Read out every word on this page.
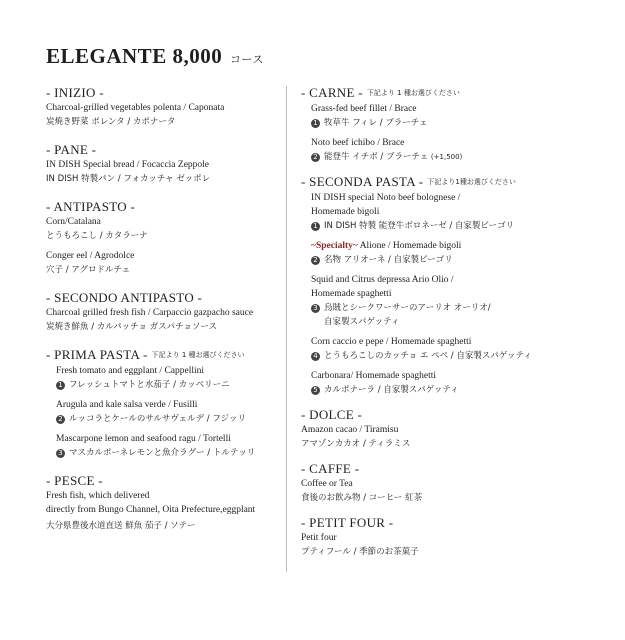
ELEGANTE 8,000 コース
- INIZIO -
Charcoal-grilled vegetables polenta / Caponata
炭焼き野菜 ポレンタ / カポナータ
- PANE -
IN DISH Special bread / Focaccia Zeppole
IN DISH 特製パン / フォカッチャ ゼッポレ
- ANTIPASTO -
Corn/Catalana
とうもろこし / カタラーナ
Conger eel / Agrodolce
穴子 / アグロドルチェ
- SECONDO ANTIPASTO -
Charcoal grilled fresh fish / Carpaccio gazpacho sauce
炭焼き鮮魚 / カルパッチョ ガスパチョソース
- PRIMA PASTA - 下記より 1 種お選びください
Fresh tomato and eggplant / Cappellini
1 フレッシュトマトと水茄子 / カッペリーニ
Arugula and kale salsa verde / Fusilli
2 ルッコラとケールのサルサヴェルデ / フジッリ
Mascarpone lemon and seafood ragu / Tortelli
3 マスカルポーネレモンと魚介ラグー / トルテッリ
- PESCE -
Fresh fish, which delivered
directly from Bungo Channel, Oita Prefecture,eggplant
大分県豊後水道直送 鮮魚 茄子 / ソテー
- CARNE - 下記より 1 種お選びください
Grass-fed beef fillet / Brace
1 牧草牛 フィレ / ブラーチェ
Noto beef ichibo / Brace
2 能登牛 イチボ / ブラーチェ (+1,500)
- SECONDA PASTA - 下記より1種お選びください
IN DISH special Noto beef bolognese /
Homemade bigoli
1 IN DISH 特製 能登牛ボロネーゼ / 自家製ビーゴリ
~Specialty~ Alione / Homemade bigoli
2 名物 アリオーネ / 自家製ビーゴリ
Squid and Citrus depressa Ario Olio /
Homemade spaghetti
3 烏賊とシークワーサーのアーリオ オーリオ/
自家製スパゲッティ
Corn caccio e pepe / Homemade spaghetti
4 とうもろこしのカッチョ エ ペペ / 自家製スパゲッティ
Carbonara/ Homemade spaghetti
5 カルボナーラ / 自家製スパゲッティ
- DOLCE -
Amazon cacao / Tiramisu
アマゾンカカオ / ティラミス
- CAFFE -
Coffee or Tea
食後のお飲み物 / コーヒー 紅茶
- PETIT FOUR -
Petit four
プティフール / 季節のお茶菓子
